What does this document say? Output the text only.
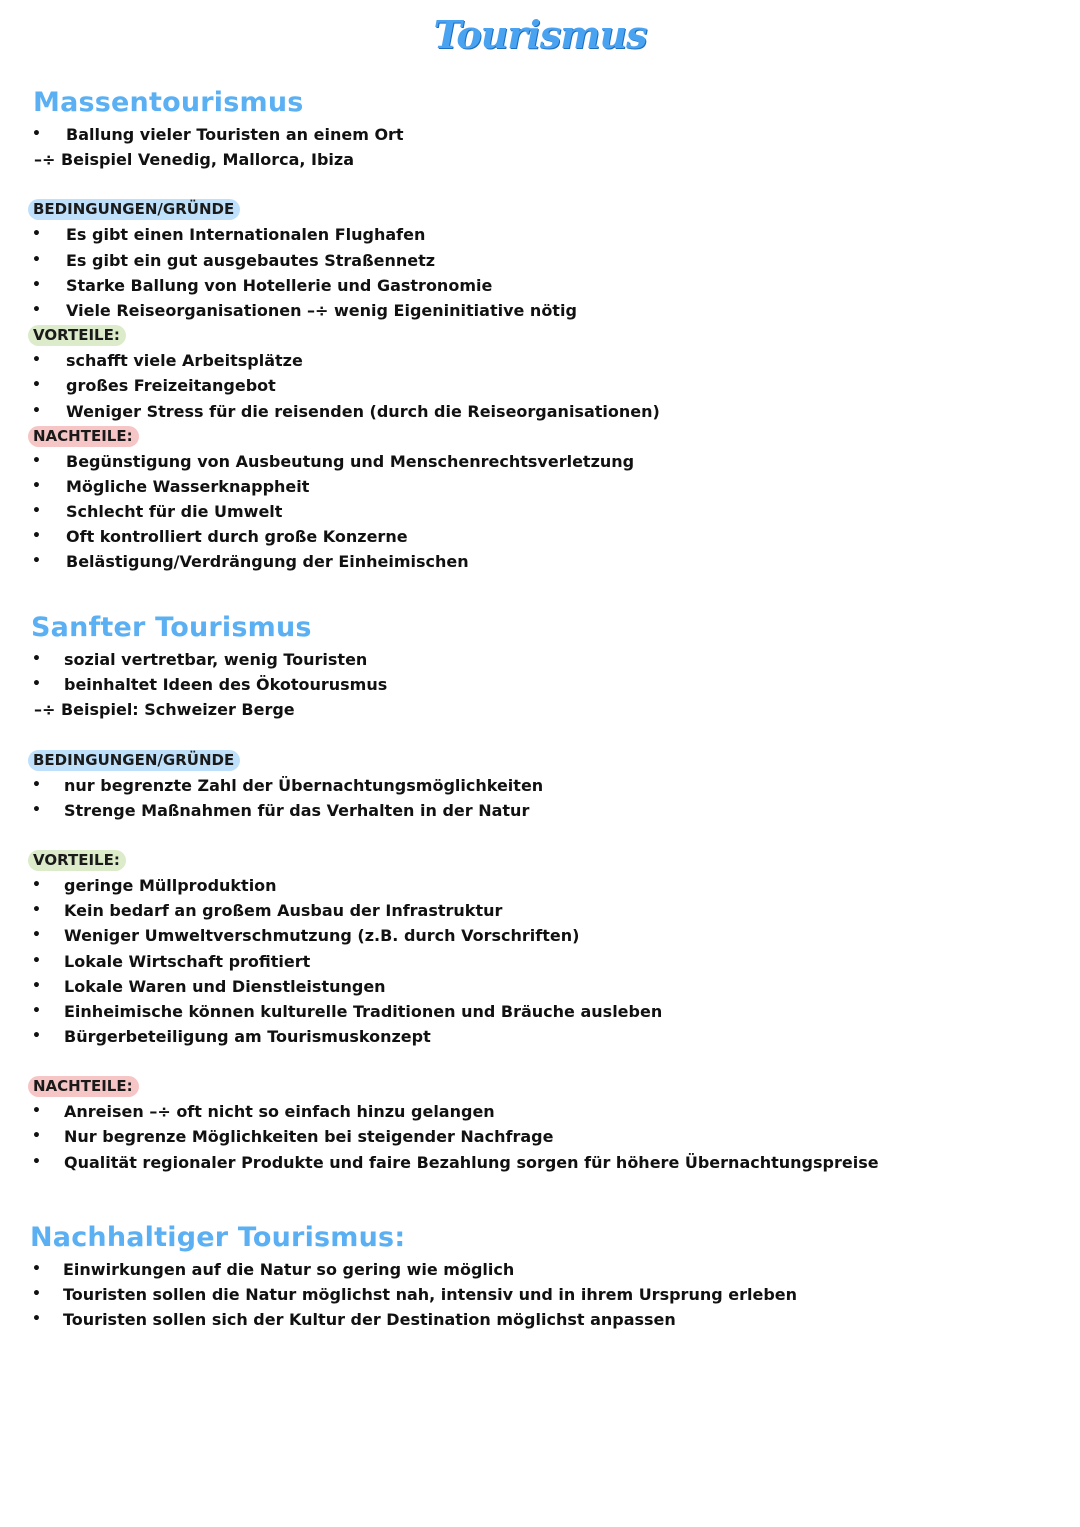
Tourismus
Massentourismus
• Ballung vieler Touristen an einem Ort
–÷ Beispiel Venedig, Mallorca, Ibiza
BEDINGUNGEN/GRÜNDE
• Es gibt einen Internationalen Flughafen
• Es gibt ein gut ausgebautes Straßennetz
• Starke Ballung von Hotellerie und Gastronomie
• Viele Reiseorganisationen –÷ wenig Eigeninitiative nötig
VORTEILE:
• schafft viele Arbeitsplätze
• großes Freizeitangebot
• Weniger Stress für die reisenden (durch die Reiseorganisationen)
NACHTEILE:
• Begünstigung von Ausbeutung und Menschenrechtsverletzung
• Mögliche Wasserknappheit
• Schlecht für die Umwelt
• Oft kontrolliert durch große Konzerne
• Belästigung/Verdrängung der Einheimischen
Sanfter Tourismus
• sozial vertretbar, wenig Touristen
• beinhaltet Ideen des Ökotourusmus
–÷ Beispiel: Schweizer Berge
BEDINGUNGEN/GRÜNDE
• nur begrenzte Zahl der Übernachtungsmöglichkeiten
• Strenge Maßnahmen für das Verhalten in der Natur
VORTEILE:
• geringe Müllproduktion
• Kein bedarf an großem Ausbau der Infrastruktur
• Weniger Umweltverschmutzung (z.B. durch Vorschriften)
• Lokale Wirtschaft profitiert
• Lokale Waren und Dienstleistungen
• Einheimische können kulturelle Traditionen und Bräuche ausleben
• Bürgerbeteiligung am Tourismuskonzept
NACHTEILE:
• Anreisen –÷ oft nicht so einfach hinzu gelangen
• Nur begrenze Möglichkeiten bei steigender Nachfrage
• Qualität regionaler Produkte und faire Bezahlung sorgen für höhere Übernachtungspreise
Nachhaltiger Tourismus:
• Einwirkungen auf die Natur so gering wie möglich
• Touristen sollen die Natur möglichst nah, intensiv und in ihrem Ursprung erleben
• Touristen sollen sich der Kultur der Destination möglichst anpassen
